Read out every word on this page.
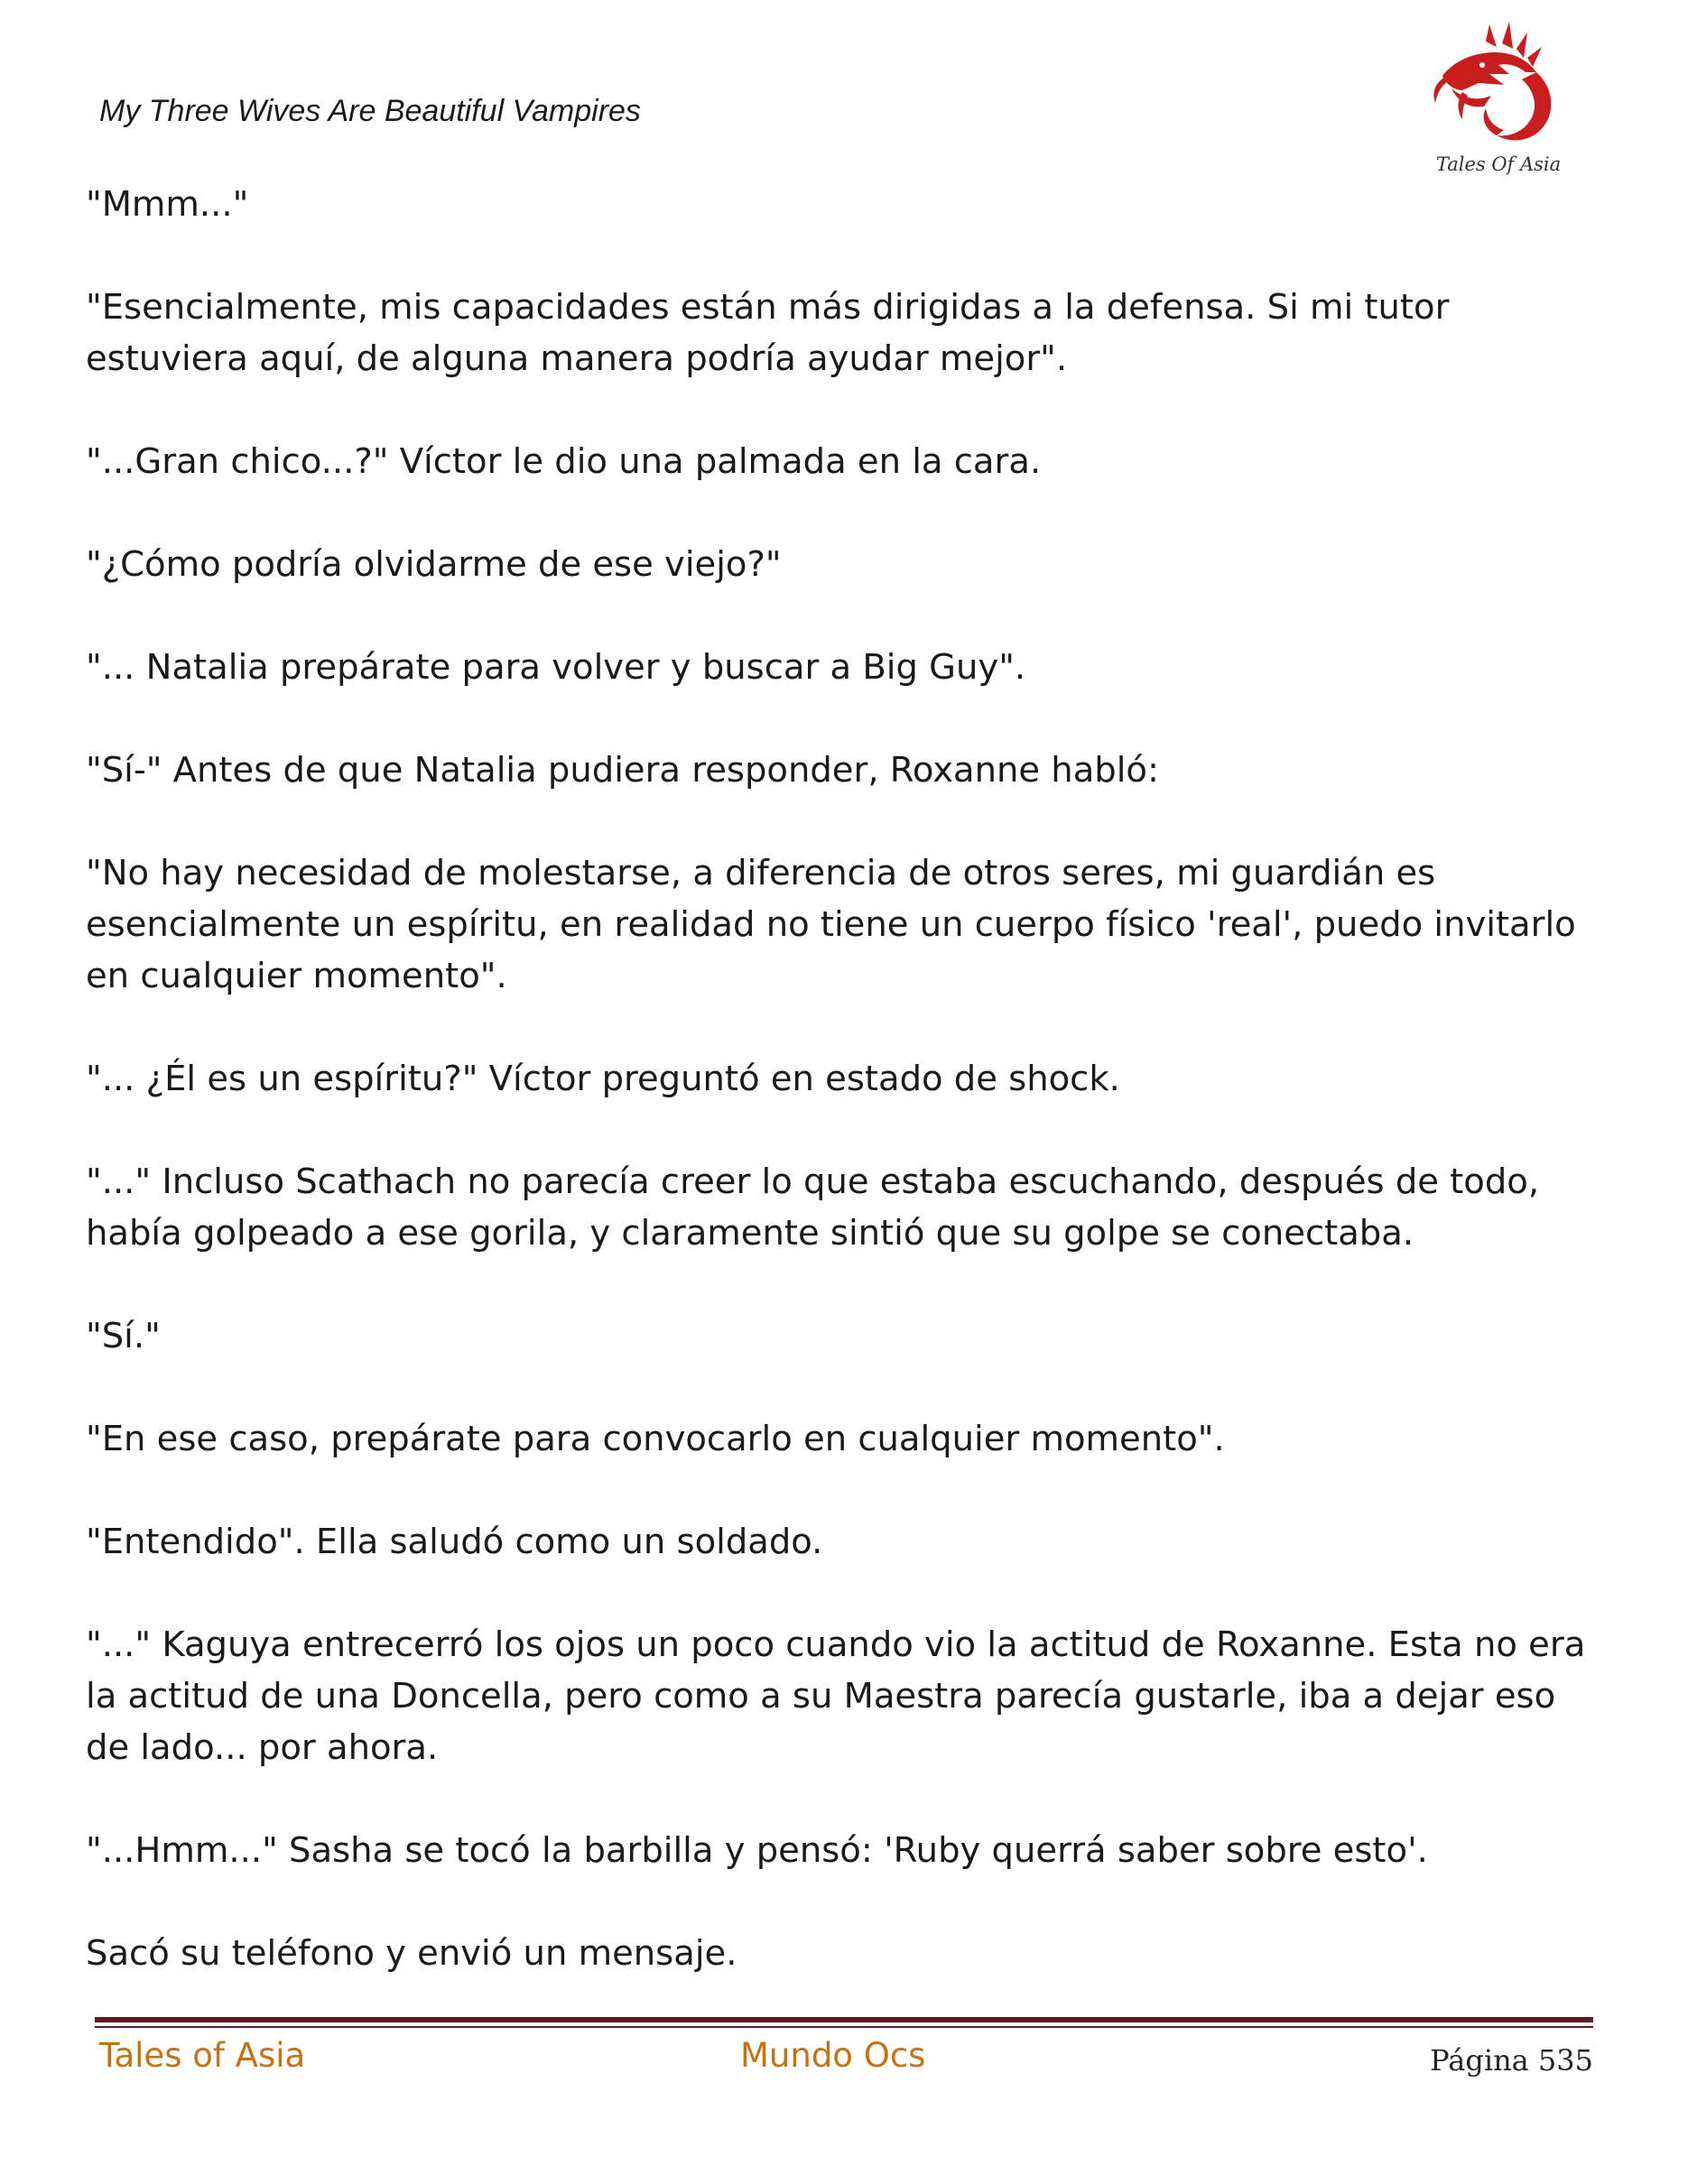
My Three Wives Are Beautiful Vampires
Tales Of Asia

"Mmm..."

"Esencialmente, mis capacidades están más dirigidas a la defensa. Si mi tutor estuviera aquí, de alguna manera podría ayudar mejor".

"...Gran chico...?" Víctor le dio una palmada en la cara.

"¿Cómo podría olvidarme de ese viejo?"

"... Natalia prepárate para volver y buscar a Big Guy".

"Sí-" Antes de que Natalia pudiera responder, Roxanne habló:

"No hay necesidad de molestarse, a diferencia de otros seres, mi guardián es esencialmente un espíritu, en realidad no tiene un cuerpo físico 'real', puedo invitarlo en cualquier momento".

"... ¿Él es un espíritu?" Víctor preguntó en estado de shock.

"..." Incluso Scathach no parecía creer lo que estaba escuchando, después de todo, había golpeado a ese gorila, y claramente sintió que su golpe se conectaba.

"Sí."

"En ese caso, prepárate para convocarlo en cualquier momento".

"Entendido". Ella saludó como un soldado.

"..." Kaguya entrecerró los ojos un poco cuando vio la actitud de Roxanne. Esta no era la actitud de una Doncella, pero como a su Maestra parecía gustarle, iba a dejar eso de lado... por ahora.

"...Hmm..." Sasha se tocó la barbilla y pensó: 'Ruby querrá saber sobre esto'.

Sacó su teléfono y envió un mensaje.

Tales of Asia	Mundo Ocs	Página 535
